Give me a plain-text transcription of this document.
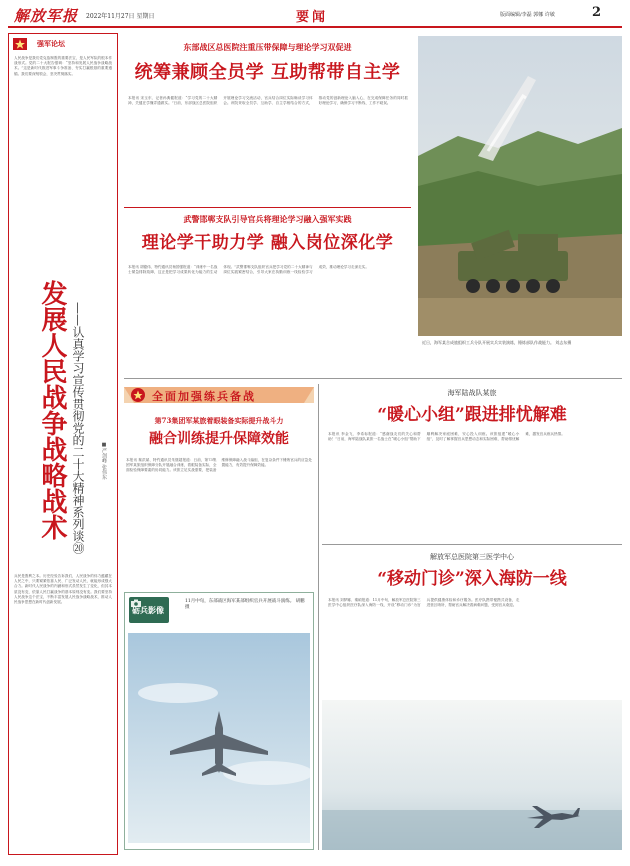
解放军报 2022年11月27日 星期日	要闻	版面编辑/李磊 郭娜 许敏	2
强军论坛
人民战争是我们党克敌制胜的重要法宝，是人民军队的根本作战形式。党的二十大报告强调：“坚持和发展人民战争战略战术。”这是新时代推进军事斗争准备、夯实打赢根基的重要遵循。我们要深刻领会，坚决贯彻落实。
发展人民战争战略战术 ——认真学习宣传贯彻党的二十大精神系列谈⑳	■严剑峰 张伟东
兵民是胜利之本。历史经验告诉我们，人民战争的伟力蕴藏在人民之中，只要紧紧依靠人民、广泛发动人民，就能形成强大合力。新时代人民战争的内涵和形式虽然发生了变化，但其本质没有变，依靠人民打赢战争的基本原则没有变。我们要坚持人民战争这个法宝，不断丰富发展人民战争战略战术，推动人民战争思想在新时代创新发展。
东部战区总医院注重压带保障与理论学习双促进
统筹兼顾全员学 互助帮带自主学
本报讯 宋玉东、记者孙典健报道：“学习党的二十大精神，关键在学懂弄通做实。”日前，东部战区总医院组织开展理论学习交流活动，官兵结合岗位实际畅谈学习体会。该院采取全员学、互助学、自主学相结合的方式，推动党的创新理论入脑入心，在完成保障任务的同时抓好理论学习，确保学习不断线、工作不耽误。
武警邯郸支队引导官兵将理论学习融入强军实践
理论学干助力学 融入岗位深化学
本报讯 胡德伟、特约通讯员杨国强报道：“训练中一名战士紧急排除故障，这正是把学习成果转化为能力的生动体现。”武警邯郸支队组织官兵把学习党的二十大精神与岗位实践紧密结合，引导大家在执勤训练一线检验学习成效，推动理论学习走深走实。
近日，海军某合成旅组织工兵分队开展实兵实装演练，锤炼部队作战能力。 刘志东摄
全面加强练兵备战
第73集团军某旅着眼装备实际提升战斗力
融合训练提升保障效能
本报讯 秦洪斌、特约通讯员朱继超报道：日前，第73集团军某旅组织保障分队开展融合训练，着眼装备实际，全面检验保障要素的协同能力。该旅立足实战需要，把装备维修保障融入战斗编组，在复杂条件下锤炼官兵的应急处置能力，有效提升保障效能。
砺兵影像
11月中旬，东部战区海军某部组织官兵开展战斗演练。 胡鹏摄
海军陆战队某旅
“暖心小组”跟进排忧解难
本报讯 李金飞、李希标报道：“感谢战友们的关心和帮助！”日前，海军陆战队某旅一名战士在“暖心小组”帮助下顺利解决家庭困难，安心投入训练。该旅组建“暖心小组”，及时了解掌握官兵思想动态和实际困难，帮助排忧解难，激发官兵练兵热情。
解放军总医院第三医学中心
“移动门诊”深入海防一线
本报讯 刘梦娜、秦硕报道：11月中旬，解放军总医院第三医学中心组织医疗队深入海防一线，开设“移动门诊”为官兵提供健康体检和诊疗服务。医疗队携带便携式设备，走进营区哨所，帮助官兵解决看病难问题，受到官兵欢迎。
